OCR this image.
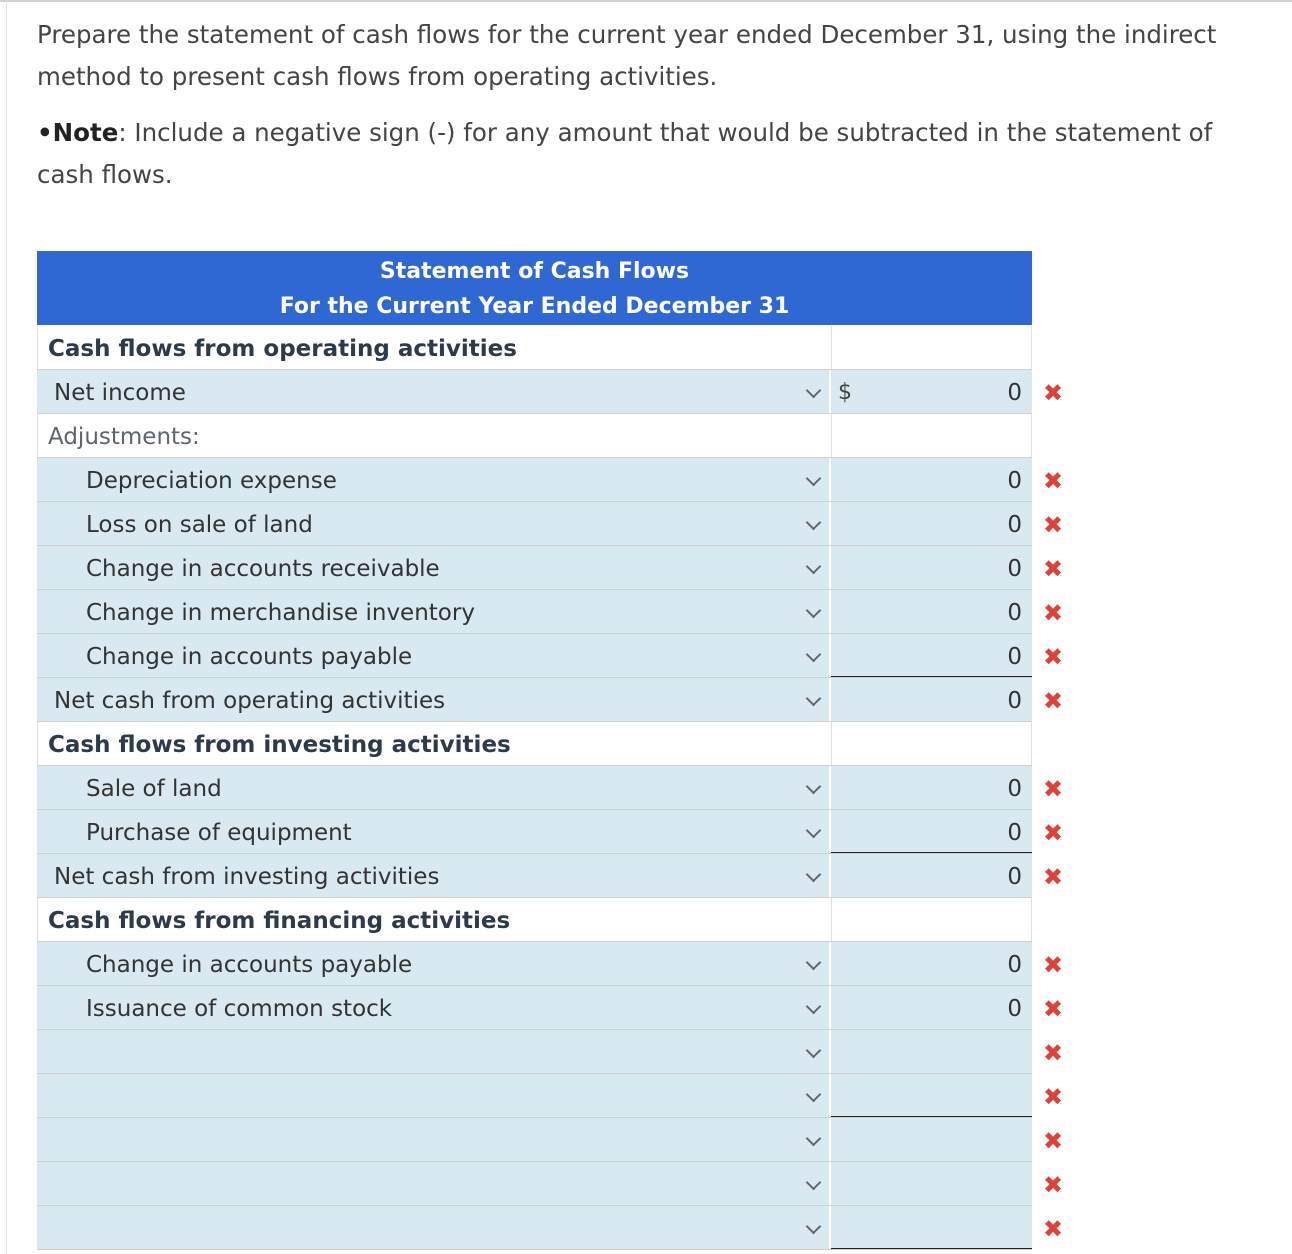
Prepare the statement of cash flows for the current year ended December 31, using the indirect
method to present cash flows from operating activities.

•Note: Include a negative sign (-) for any amount that would be subtracted in the statement of
cash flows.

Statement of Cash Flows
For the Current Year Ended December 31
Cash flows from operating activities
Net income	$	0 ✖
Adjustments:
Depreciation expense	0 ✖
Loss on sale of land	0 ✖
Change in accounts receivable	0 ✖
Change in merchandise inventory	0 ✖
Change in accounts payable	0 ✖
Net cash from operating activities	0 ✖
Cash flows from investing activities
Sale of land	0 ✖
Purchase of equipment	0 ✖
Net cash from investing activities	0 ✖
Cash flows from financing activities
Change in accounts payable	0 ✖
Issuance of common stock	0 ✖
✖
✖
✖
✖
✖
